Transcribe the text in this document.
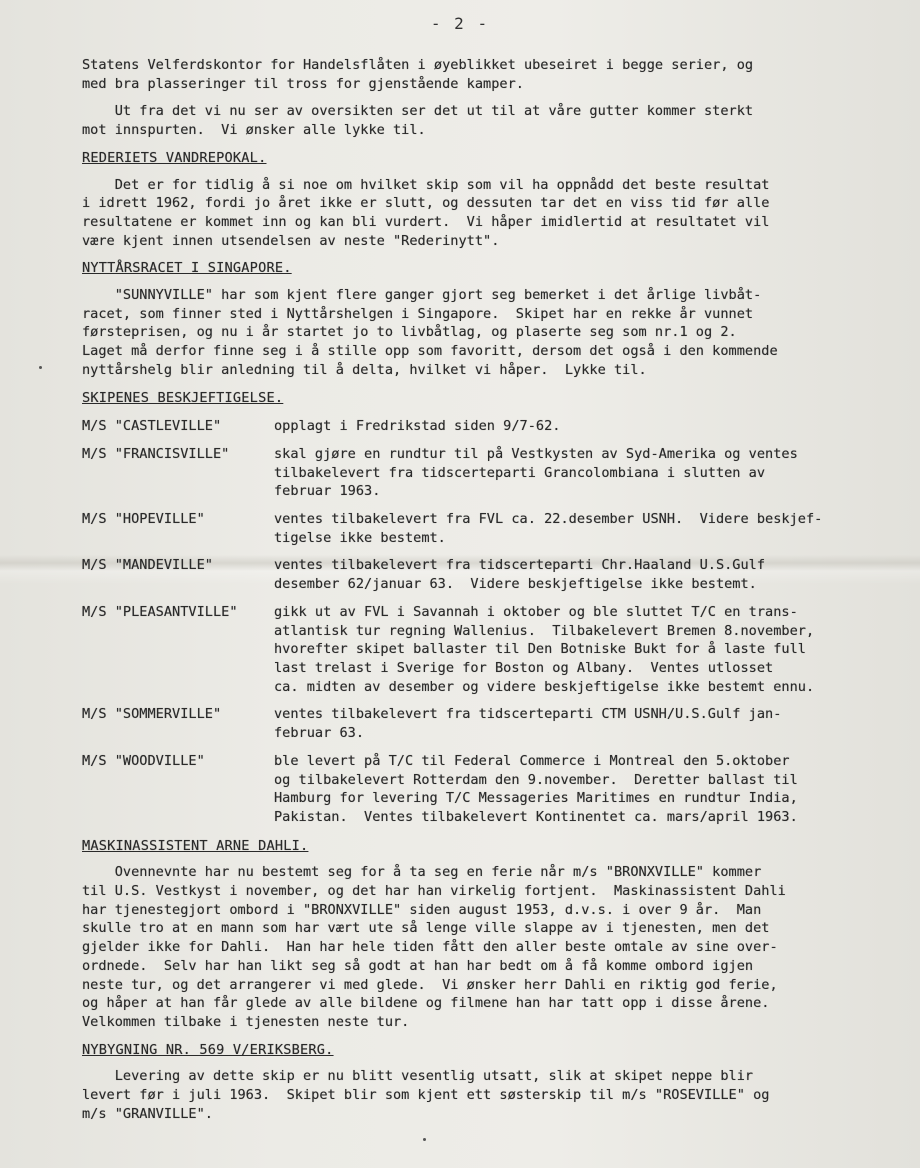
- 2 -

Statens Velferdskontor for Handelsflåten i øyeblikket ubeseiret i begge serier, og
med bra plasseringer til tross for gjenstående kamper.

Ut fra det vi nu ser av oversikten ser det ut til at våre gutter kommer sterkt
mot innspurten.  Vi ønsker alle lykke til.

REDERIETS VANDREPOKAL.

Det er for tidlig å si noe om hvilket skip som vil ha oppnådd det beste resultat
i idrett 1962, fordi jo året ikke er slutt, og dessuten tar det en viss tid før alle
resultatene er kommet inn og kan bli vurdert.  Vi håper imidlertid at resultatet vil
være kjent innen utsendelsen av neste "Rederinytt".

NYTTÅRSRACET I SINGAPORE.

"SUNNYVILLE" har som kjent flere ganger gjort seg bemerket i det årlige livbåt-
racet, som finner sted i Nyttårshelgen i Singapore.  Skipet har en rekke år vunnet
førsteprisen, og nu i år startet jo to livbåtlag, og plaserte seg som nr.1 og 2.
Laget må derfor finne seg i å stille opp som favoritt, dersom det også i den kommende
nyttårshelg blir anledning til å delta, hvilket vi håper.  Lykke til.

SKIPENES BESKJEFTIGELSE.
M/S "CASTLEVILLE"	opplagt i Fredrikstad siden 9/7-62.
M/S "FRANCISVILLE"	skal gjøre en rundtur til på Vestkysten av Syd-Amerika og ventes
tilbakelevert fra tidscerteparti Grancolombiana i slutten av
februar 1963.
M/S "HOPEVILLE"	ventes tilbakelevert fra FVL ca. 22.desember USNH.  Videre beskjef-
tigelse ikke bestemt.
M/S "MANDEVILLE"	ventes tilbakelevert fra tidscerteparti Chr.Haaland U.S.Gulf
desember 62/januar 63.  Videre beskjeftigelse ikke bestemt.
M/S "PLEASANTVILLE"	gikk ut av FVL i Savannah i oktober og ble sluttet T/C en trans-
atlantisk tur regning Wallenius.  Tilbakelevert Bremen 8.november,
hvorefter skipet ballaster til Den Botniske Bukt for å laste full
last trelast i Sverige for Boston og Albany.  Ventes utlosset
ca. midten av desember og videre beskjeftigelse ikke bestemt ennu.
M/S "SOMMERVILLE"	ventes tilbakelevert fra tidscerteparti CTM USNH/U.S.Gulf jan-
februar 63.
M/S "WOODVILLE"	ble levert på T/C til Federal Commerce i Montreal den 5.oktober
og tilbakelevert Rotterdam den 9.november.  Deretter ballast til
Hamburg for levering T/C Messageries Maritimes en rundtur India,
Pakistan.  Ventes tilbakelevert Kontinentet ca. mars/april 1963.
MASKINASSISTENT ARNE DAHLI.

Ovennevnte har nu bestemt seg for å ta seg en ferie når m/s "BRONXVILLE" kommer
til U.S. Vestkyst i november, og det har han virkelig fortjent.  Maskinassistent Dahli
har tjenestegjort ombord i "BRONXVILLE" siden august 1953, d.v.s. i over 9 år.  Man
skulle tro at en mann som har vært ute så lenge ville slappe av i tjenesten, men det
gjelder ikke for Dahli.  Han har hele tiden fått den aller beste omtale av sine over-
ordnede.  Selv har han likt seg så godt at han har bedt om å få komme ombord igjen
neste tur, og det arrangerer vi med glede.  Vi ønsker herr Dahli en riktig god ferie,
og håper at han får glede av alle bildene og filmene han har tatt opp i disse årene.
Velkommen tilbake i tjenesten neste tur.

NYBYGNING NR. 569 V/ERIKSBERG.

Levering av dette skip er nu blitt vesentlig utsatt, slik at skipet neppe blir
levert før i juli 1963.  Skipet blir som kjent ett søsterskip til m/s "ROSEVILLE" og
m/s "GRANVILLE".
